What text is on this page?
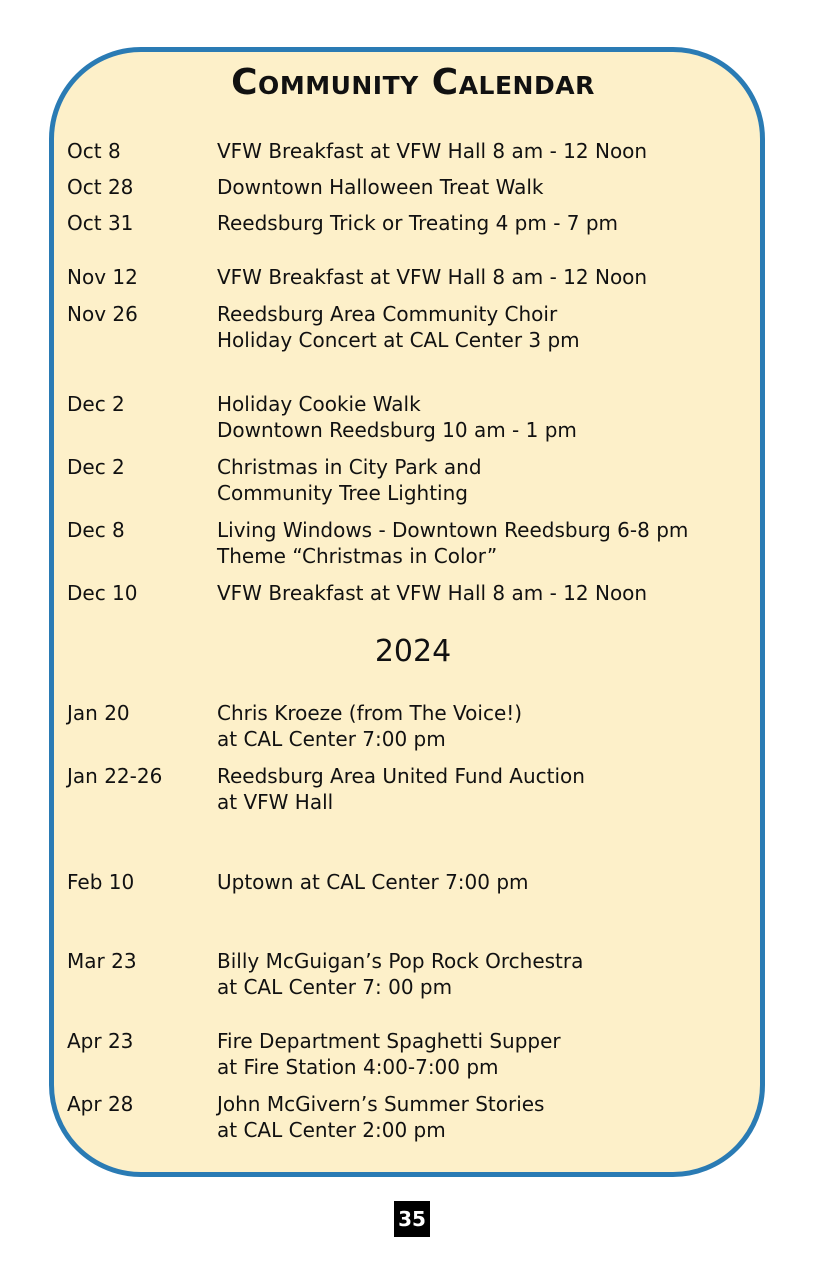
Community Calendar
Oct 8	VFW Breakfast at VFW Hall 8 am - 12 Noon
Oct 28	Downtown Halloween Treat Walk
Oct 31	Reedsburg Trick or Treating 4 pm - 7 pm
Nov 12	VFW Breakfast at VFW Hall 8 am - 12 Noon
Nov 26	Reedsburg Area Community Choir
Holiday Concert at CAL Center 3 pm
Dec 2	Holiday Cookie Walk
Downtown Reedsburg 10 am - 1 pm
Dec 2	Christmas in City Park and
Community Tree Lighting
Dec 8	Living Windows - Downtown Reedsburg 6-8 pm
Theme “Christmas in Color”
Dec 10	VFW Breakfast at VFW Hall 8 am - 12 Noon
2024
Jan 20	Chris Kroeze (from The Voice!)
at CAL Center 7:00 pm
Jan 22-26	Reedsburg Area United Fund Auction
at VFW Hall
Feb 10	Uptown at CAL Center 7:00 pm
Mar 23	Billy McGuigan’s Pop Rock Orchestra
at CAL Center 7: 00 pm
Apr 23	Fire Department Spaghetti Supper
at Fire Station 4:00-7:00 pm
Apr 28	John McGivern’s Summer Stories
at CAL Center 2:00 pm
35
